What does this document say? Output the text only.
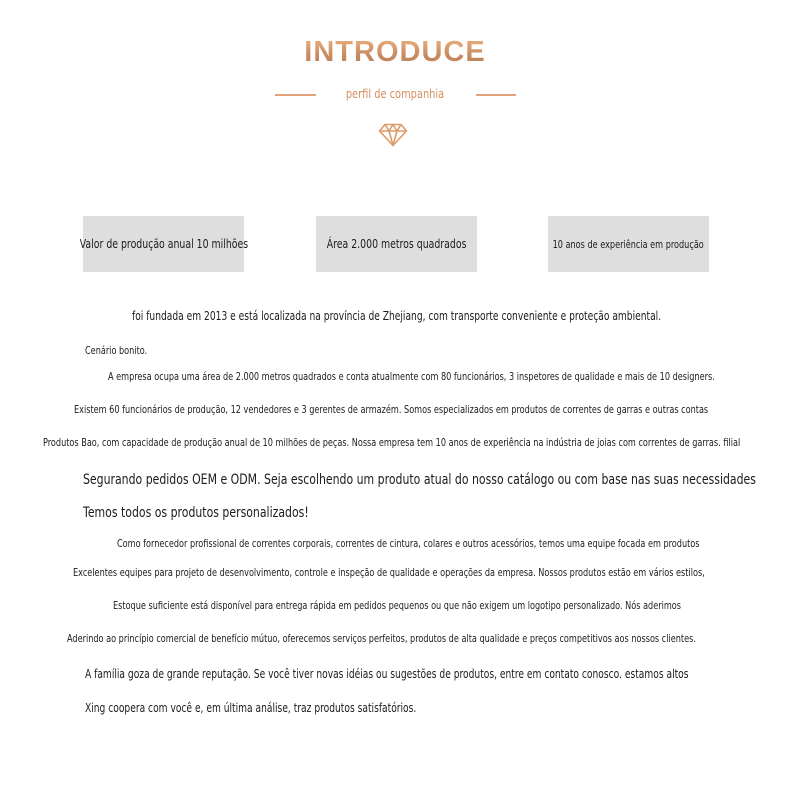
INTRODUCE
perfil de companhia
Valor de produção anual 10 milhões	Área 2.000 metros quadrados	10 anos de experiência em produção
foi fundada em 2013 e está localizada na província de Zhejiang, com transporte conveniente e proteção ambiental.
Cenário bonito.
A empresa ocupa uma área de 2.000 metros quadrados e conta atualmente com 80 funcionários, 3 inspetores de qualidade e mais de 10 designers.
Existem 60 funcionários de produção, 12 vendedores e 3 gerentes de armazém. Somos especializados em produtos de correntes de garras e outras contas
Produtos Bao, com capacidade de produção anual de 10 milhões de peças. Nossa empresa tem 10 anos de experiência na indústria de joias com correntes de garras. filial
Segurando pedidos OEM e ODM. Seja escolhendo um produto atual do nosso catálogo ou com base nas suas necessidades
Temos todos os produtos personalizados!
Como fornecedor profissional de correntes corporais, correntes de cintura, colares e outros acessórios, temos uma equipe focada em produtos
Excelentes equipes para projeto de desenvolvimento, controle e inspeção de qualidade e operações da empresa. Nossos produtos estão em vários estilos,
Estoque suficiente está disponível para entrega rápida em pedidos pequenos ou que não exigem um logotipo personalizado. Nós aderimos
Aderindo ao princípio comercial de benefício mútuo, oferecemos serviços perfeitos, produtos de alta qualidade e preços competitivos aos nossos clientes.
A família goza de grande reputação. Se você tiver novas idéias ou sugestões de produtos, entre em contato conosco. estamos altos
Xing coopera com você e, em última análise, traz produtos satisfatórios.
